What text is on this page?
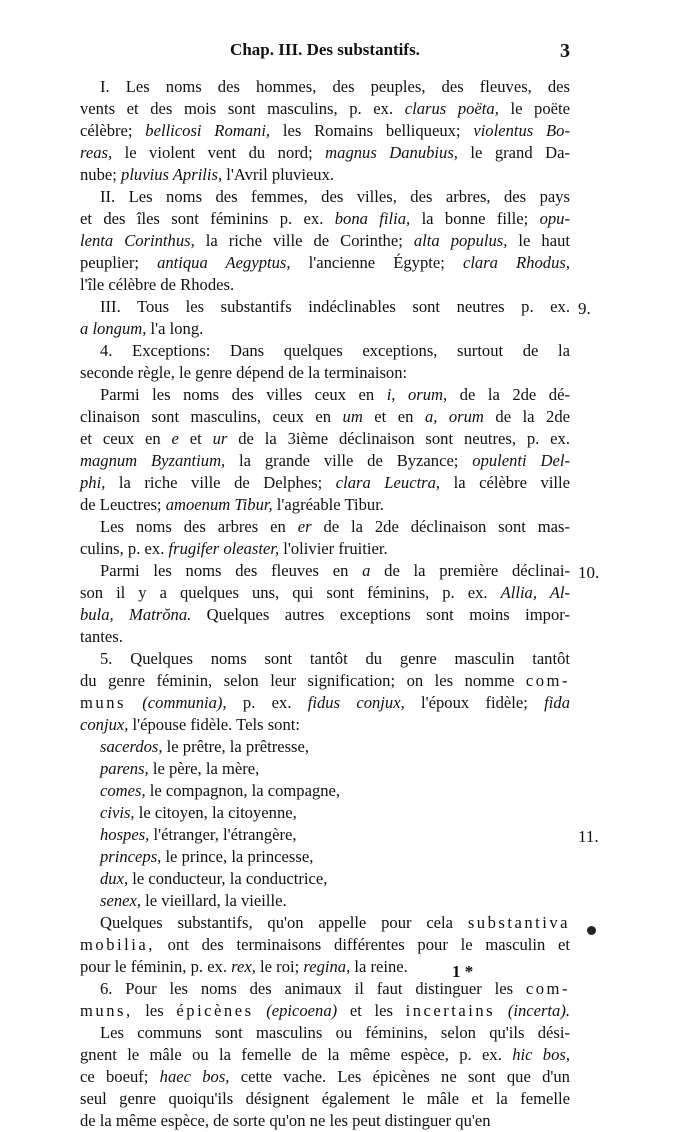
Chap. III. Des substantifs.	3
I. Les noms des hommes, des peuples, des fleuves, des
vents et des mois sont masculins, p. ex. clarus poëta, le poëte
célèbre; bellicosi Romani, les Romains belliqueux; violentus Bo-
reas, le violent vent du nord; magnus Danubius, le grand Da-
nube; pluvius Aprilis, l'Avril pluvieux.
II. Les noms des femmes, des villes, des arbres, des pays
et des îles sont féminins p. ex. bona filia, la bonne fille; opu-
lenta Corinthus, la riche ville de Corinthe; alta populus, le haut
peuplier; antiqua Aegyptus, l'ancienne Égypte; clara Rhodus,
l'île célèbre de Rhodes.
III. Tous les substantifs indéclinables sont neutres p. ex.
a longum, l'a long.
4. Exceptions: Dans quelques exceptions, surtout de la
seconde règle, le genre dépend de la terminaison:
Parmi les noms des villes ceux en i, orum, de la 2de dé-
clinaison sont masculins, ceux en um et en a, orum de la 2de
et ceux en e et ur de la 3ième déclinaison sont neutres, p. ex.
magnum Byzantium, la grande ville de Byzance; opulenti Del-
phi, la riche ville de Delphes; clara Leuctra, la célèbre ville
de Leuctres; amoenum Tibur, l'agréable Tibur.
Les noms des arbres en er de la 2de déclinaison sont mas-
culins, p. ex. frugifer oleaster, l'olivier fruitier.
Parmi les noms des fleuves en a de la première déclinai-
son il y a quelques uns, qui sont féminins, p. ex. Allia, Al-
bula, Matrŏna. Quelques autres exceptions sont moins impor-
tantes.
5. Quelques noms sont tantôt du genre masculin tantôt
du genre féminin, selon leur signification; on les nomme com-
muns (communia), p. ex. fidus conjux, l'époux fidèle; fida
conjux, l'épouse fidèle. Tels sont:
sacerdos, le prêtre, la prêtresse,
parens, le père, la mère,
comes, le compagnon, la compagne,
civis, le citoyen, la citoyenne,
hospes, l'étranger, l'étrangère,
princeps, le prince, la princesse,
dux, le conducteur, la conductrice,
senex, le vieillard, la vieille.
Quelques substantifs, qu'on appelle pour cela substantiva
mobilia, ont des terminaisons différentes pour le masculin et
pour le féminin, p. ex. rex, le roi; regina, la reine.
6. Pour les noms des animaux il faut distinguer les com-
muns, les épicènes (epicoena) et les incertains (incerta).
Les communs sont masculins ou féminins, selon qu'ils dési-
gnent le mâle ou la femelle de la même espèce, p. ex. hic bos,
ce boeuf; haec bos, cette vache. Les épicènes ne sont que d'un
seul genre quoiqu'ils désignent également le mâle et la femelle
de la même espèce, de sorte qu'on ne les peut distinguer qu'en
9.
10.
11.
1 *
